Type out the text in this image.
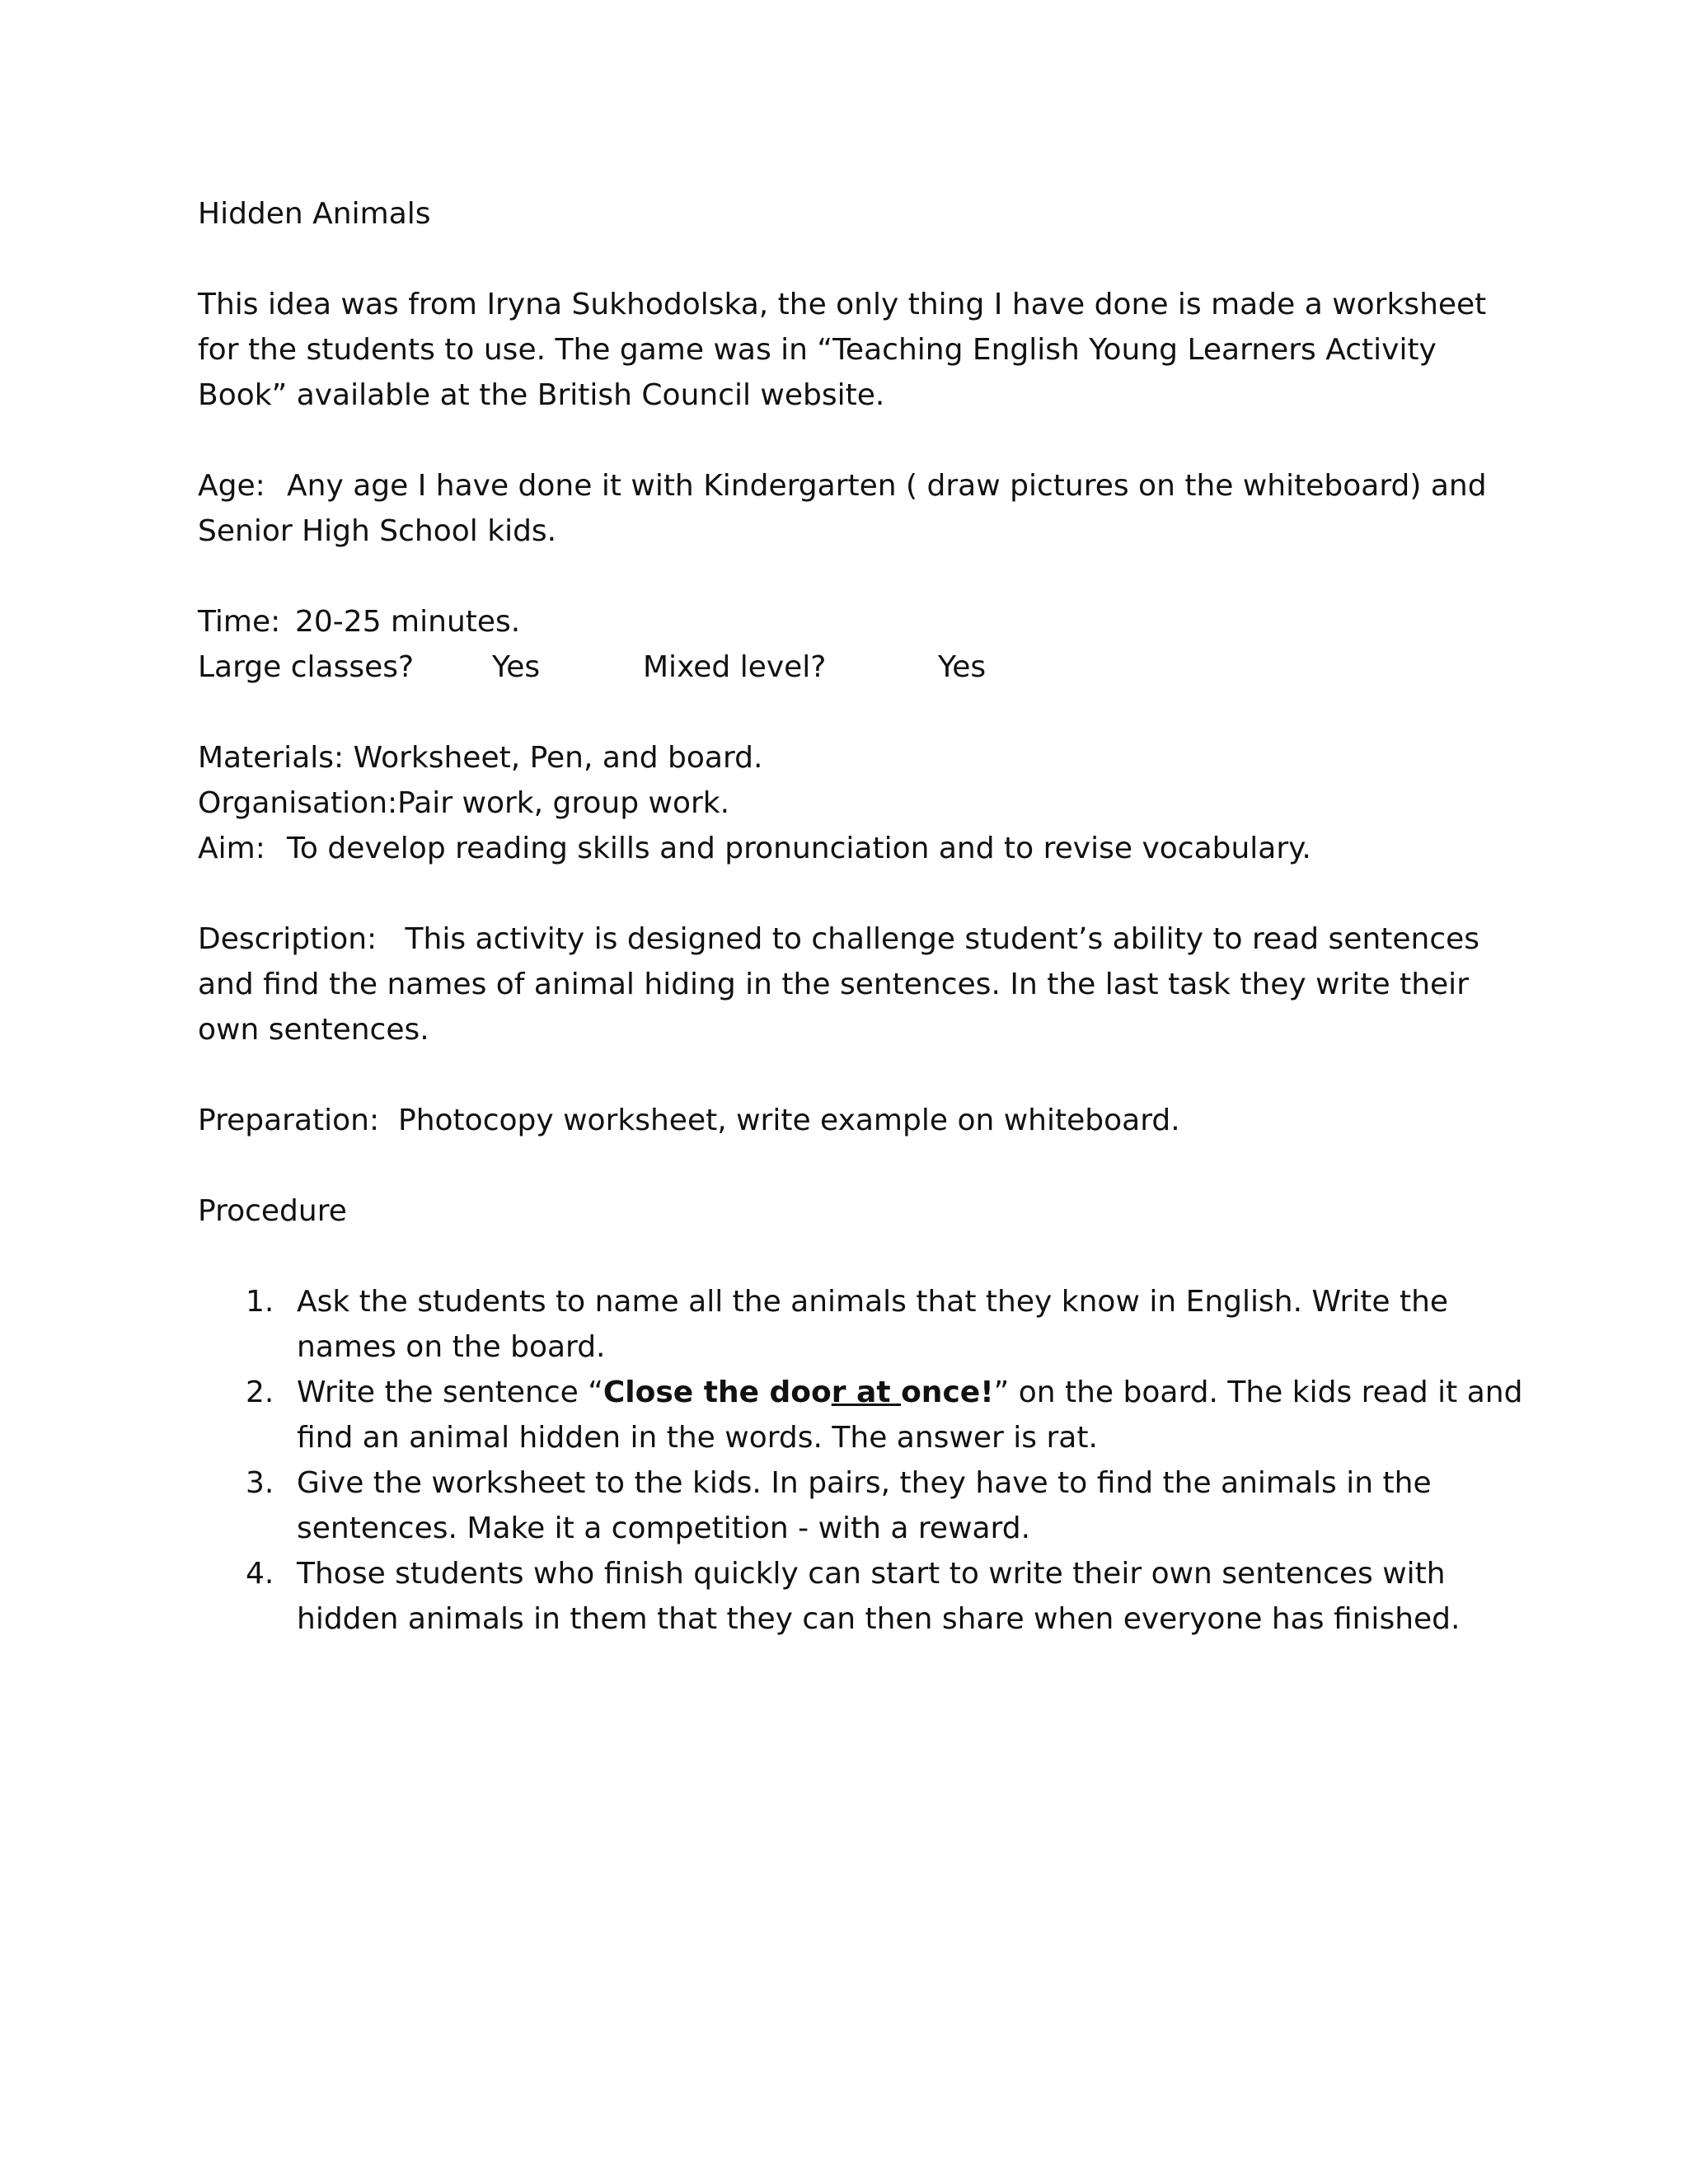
Hidden Animals

This idea was from Iryna Sukhodolska, the only thing I have done is made a worksheet for the students to use. The game was in “Teaching English Young Learners Activity Book” available at the British Council website.

Age: Any age I have done it with Kindergarten ( draw pictures on the whiteboard) and Senior High School kids.

Time: 20-25 minutes.

Large classes?	Yes	Mixed level?	Yes

Materials: Worksheet, Pen, and board.

Organisation:Pair work, group work.

Aim: To develop reading skills and pronunciation and to revise vocabulary.

Description: This activity is designed to challenge student’s ability to read sentences and find the names of animal hiding in the sentences. In the last task they write their own sentences.

Preparation: Photocopy worksheet, write example on whiteboard.

Procedure

1. Ask the students to name all the animals that they know in English. Write the names on the board.
2. Write the sentence “Close the door at once!” on the board. The kids read it and find an animal hidden in the words. The answer is rat.
3. Give the worksheet to the kids. In pairs, they have to find the animals in the sentences. Make it a competition - with a reward.
4. Those students who finish quickly can start to write their own sentences with hidden animals in them that they can then share when everyone has finished.
